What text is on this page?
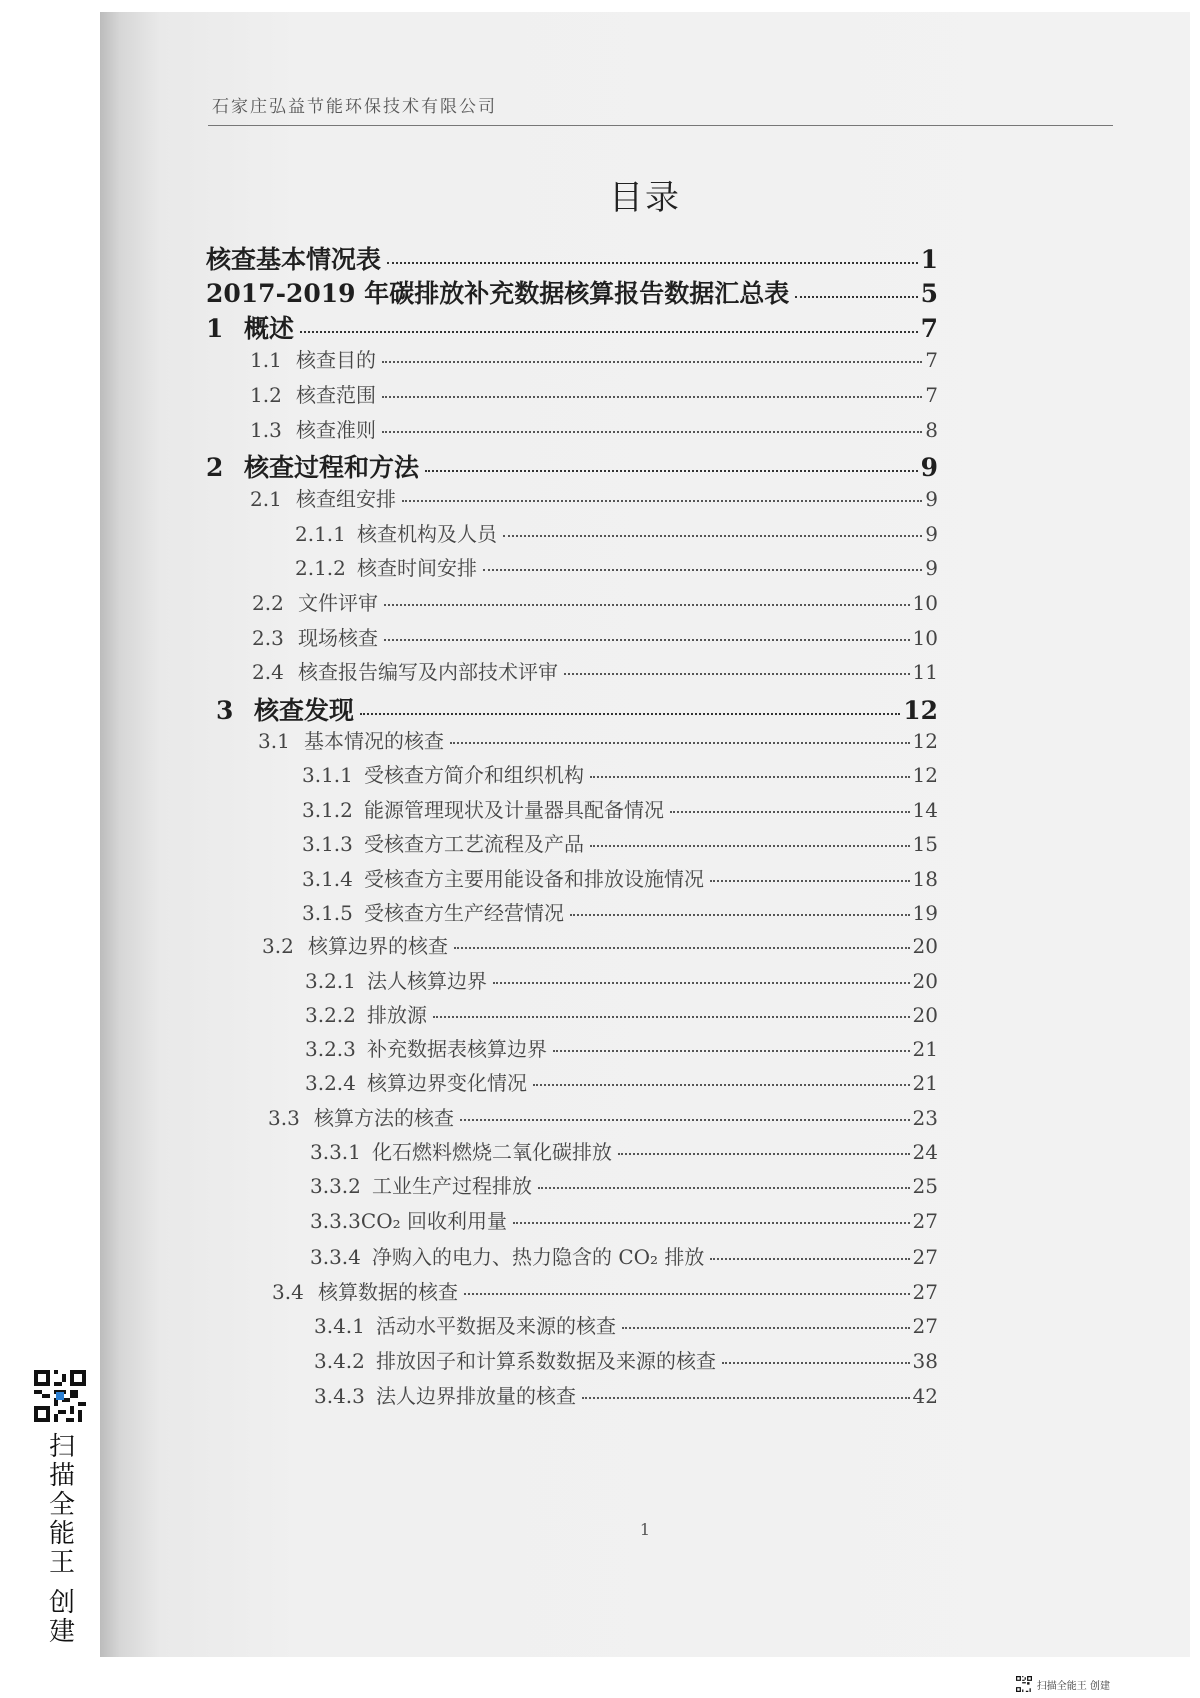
石家庄弘益节能环保技术有限公司
目录
核查基本情况表	1
2017-2019 年碳排放补充数据核算报告数据汇总表	5
1 概述	7
1.1 核查目的	7
1.2 核查范围	7
1.3 核查准则	8
2 核查过程和方法	9
2.1 核查组安排	9
2.1.1 核查机构及人员	9
2.1.2 核查时间安排	9
2.2 文件评审	10
2.3 现场核查	10
2.4 核查报告编写及内部技术评审	11
3 核查发现	12
3.1 基本情况的核查	12
3.1.1 受核查方简介和组织机构	12
3.1.2 能源管理现状及计量器具配备情况	14
3.1.3 受核查方工艺流程及产品	15
3.1.4 受核查方主要用能设备和排放设施情况	18
3.1.5 受核查方生产经营情况	19
3.2 核算边界的核查	20
3.2.1 法人核算边界	20
3.2.2 排放源	20
3.2.3 补充数据表核算边界	21
3.2.4 核算边界变化情况	21
3.3 核算方法的核查	23
3.3.1 化石燃料燃烧二氧化碳排放	24
3.3.2 工业生产过程排放	25
3.3.3CO₂ 回收利用量	27
3.3.4 净购入的电力、热力隐含的 CO₂ 排放	27
3.4 核算数据的核查	27
3.4.1 活动水平数据及来源的核查	27
3.4.2 排放因子和计算系数数据及来源的核查	38
3.4.3 法人边界排放量的核查	42
1
扫描全能王 创建
扫描全能王 创建
